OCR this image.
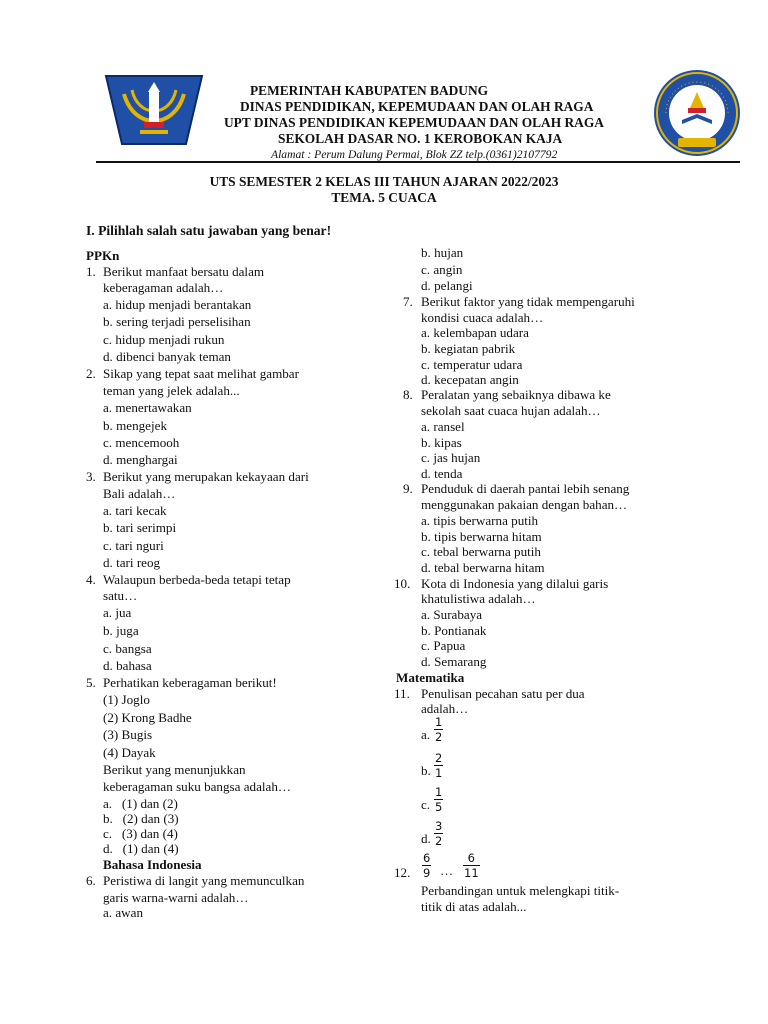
PEMERINTAH KABUPATEN BADUNG
DINAS PENDIDIKAN, KEPEMUDAAN DAN OLAH RAGA
UPT DINAS PENDIDIKAN KEPEMUDAAN DAN OLAH RAGA
SEKOLAH DASAR NO. 1 KEROBOKAN KAJA
Alamat : Perum Dalung Permai, Blok ZZ telp.(0361)2107792
UTS SEMESTER 2 KELAS III TAHUN AJARAN 2022/2023
TEMA. 5 CUACA
I. Pilihlah salah satu jawaban yang benar!
PPKn
1. Berikut manfaat bersatu dalam
keberagaman adalah…
a. hidup menjadi berantakan
b. sering terjadi perselisihan
c. hidup menjadi rukun
d. dibenci banyak teman
2. Sikap yang tepat saat melihat gambar
teman yang jelek adalah...
a. menertawakan
b. mengejek
c. mencemooh
d. menghargai
3. Berikut yang merupakan kekayaan dari
Bali adalah…
a. tari kecak
b. tari serimpi
c. tari nguri
d. tari reog
4. Walaupun berbeda-beda tetapi tetap
satu…
a. jua
b. juga
c. bangsa
d. bahasa
5. Perhatikan keberagaman berikut!
(1) Joglo
(2) Krong Badhe
(3) Bugis
(4) Dayak
Berikut yang menunjukkan
keberagaman suku bangsa adalah…
a.   (1) dan (2)
b.   (2) dan (3)
c.   (3) dan (4)
d.   (1) dan (4)
Bahasa Indonesia
6. Peristiwa di langit yang memunculkan
garis warna-warni adalah…
a. awan
b. hujan
c. angin
d. pelangi
7. Berikut faktor yang tidak mempengaruhi
kondisi cuaca adalah…
a. kelembapan udara
b. kegiatan pabrik
c. temperatur udara
d. kecepatan angin
8. Peralatan yang sebaiknya dibawa ke
sekolah saat cuaca hujan adalah…
a. ransel
b. kipas
c. jas hujan
d. tenda
9. Penduduk di daerah pantai lebih senang
menggunakan pakaian dengan bahan…
a. tipis berwarna putih
b. tipis berwarna hitam
c. tebal berwarna putih
d. tebal berwarna hitam
10. Kota di Indonesia yang dilalui garis
khatulistiwa adalah…
a. Surabaya
b. Pontianak
c. Papua
d. Semarang
Matematika
11. Penulisan pecahan satu per dua
adalah…
a.
1
2
b.
2
1
c.
1
5
d.
3
2
12.
6
9 …
6
11
Perbandingan untuk melengkapi titik-
titik di atas adalah...
